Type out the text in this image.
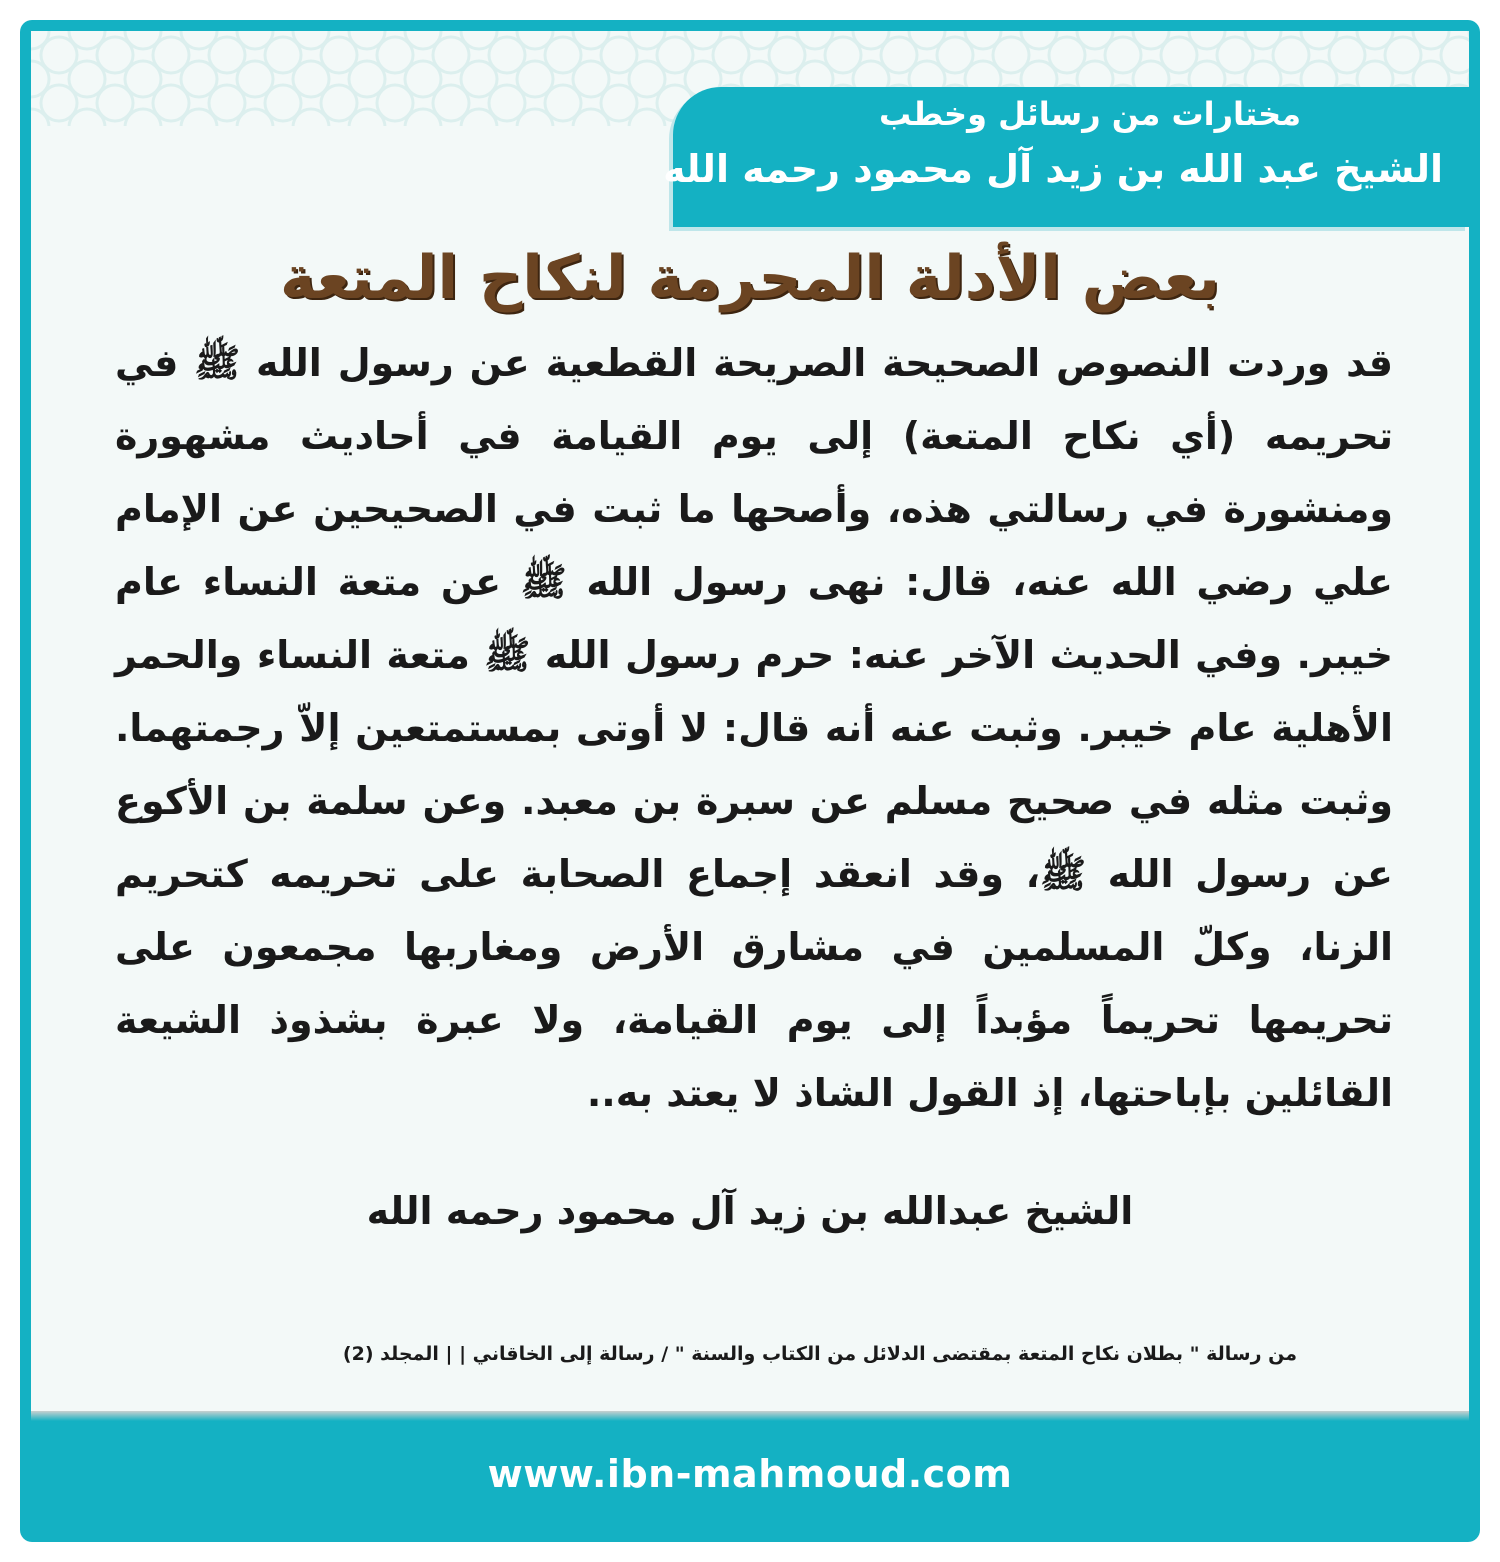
مختارات من رسائل وخطب
الشيخ عبد الله بن زيد آل محمود رحمه الله
بعض الأدلة المحرمة لنكاح المتعة
قد وردت النصوص الصحيحة الصريحة القطعية عن رسول الله ﷺ في تحريمه (أي نكاح المتعة) إلى يوم القيامة في أحاديث مشهورة ومنشورة في رسالتي هذه، وأصحها ما ثبت في الصحيحين عن الإمام علي رضي الله عنه، قال: نهى رسول الله ﷺ عن متعة النساء عام خيبر. وفي الحديث الآخر عنه: حرم رسول الله ﷺ متعة النساء والحمر الأهلية عام خيبر. وثبت عنه أنه قال: لا أوتى بمستمتعين إلاّ رجمتهما. وثبت مثله في صحيح مسلم عن سبرة بن معبد. وعن سلمة بن الأكوع عن رسول الله ﷺ، وقد انعقد إجماع الصحابة على تحريمه كتحريم الزنا، وكلّ المسلمين في مشارق الأرض ومغاربها مجمعون على تحريمها تحريماً مؤبداً إلى يوم القيامة، ولا عبرة بشذوذ الشيعة القائلين بإباحتها، إذ القول الشاذ لا يعتد به..
الشيخ عبدالله بن زيد آل محمود رحمه الله
من رسالة " بطلان نكاح المتعة بمقتضى الدلائل من الكتاب والسنة " / رسالة إلى الخاقاني | | المجلد (2)
www.ibn-mahmoud.com
